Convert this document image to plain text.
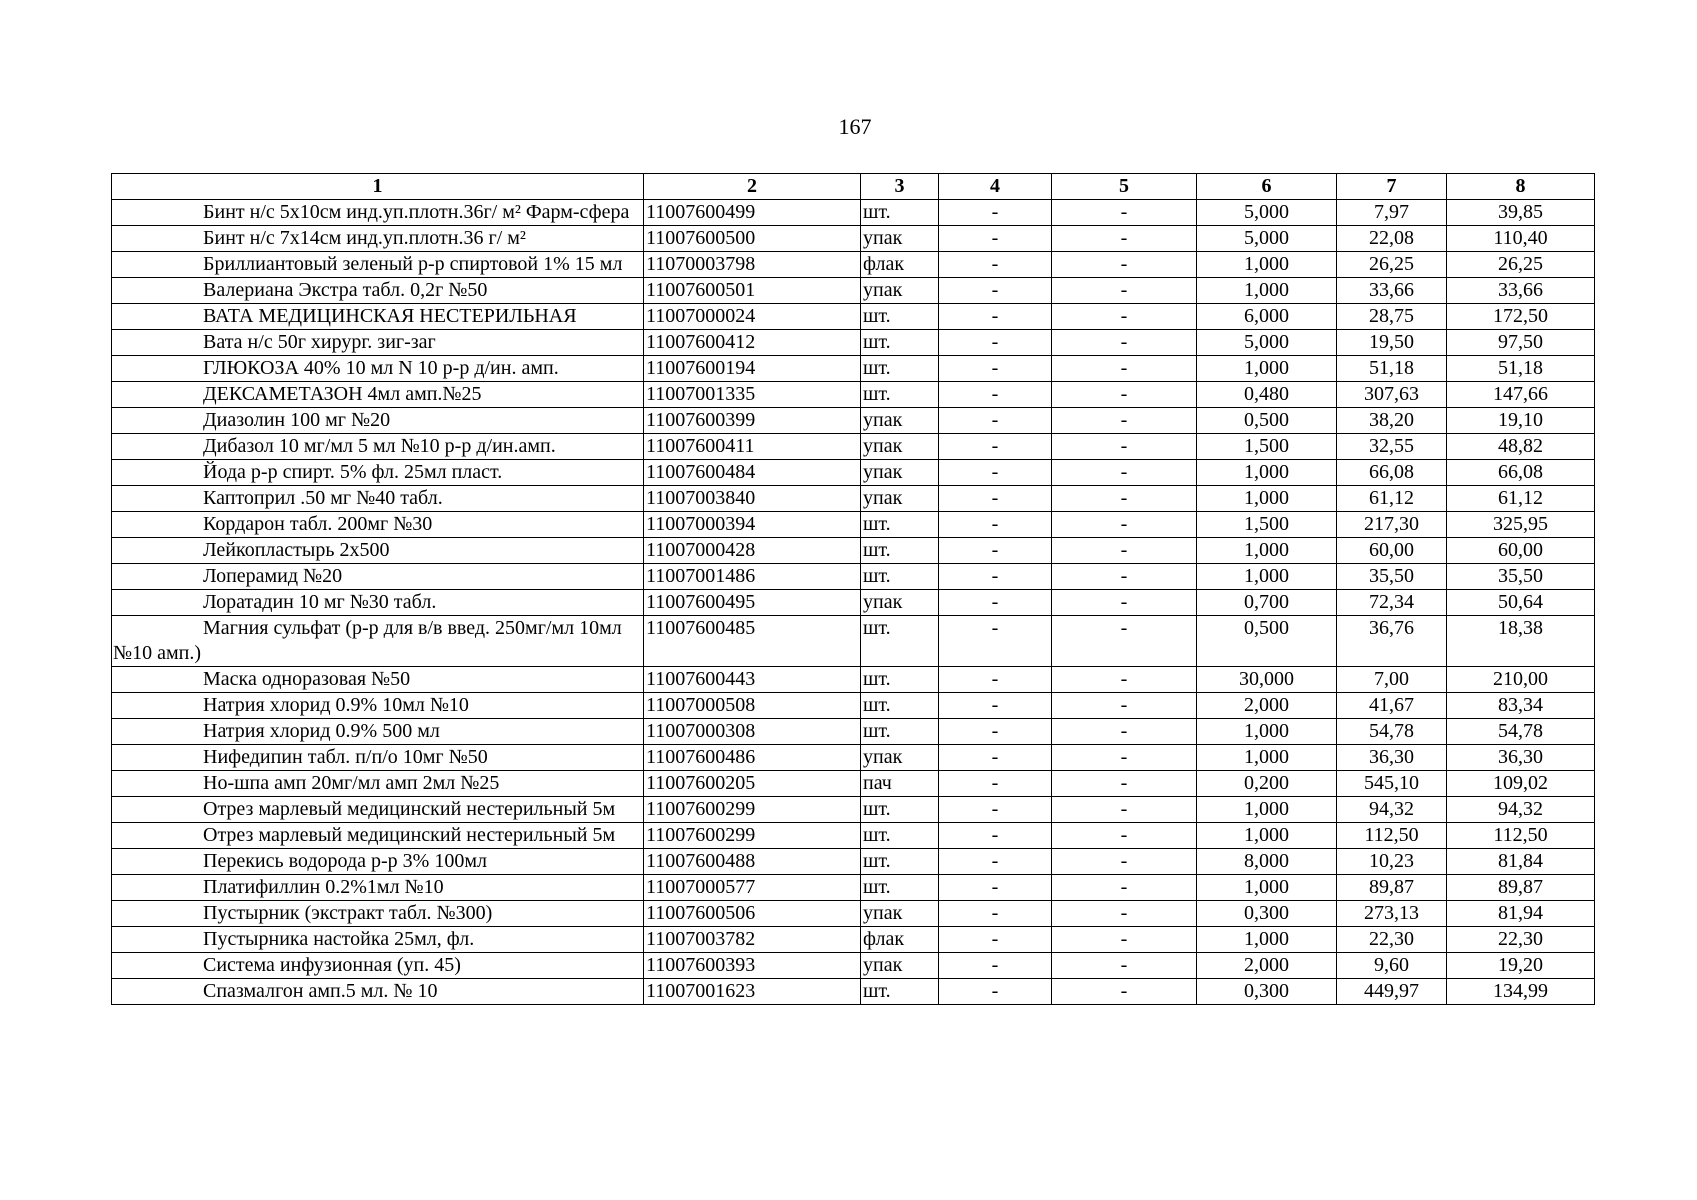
167
1	2	3	4	5	6	7	8
Бинт н/с 5х10см инд.уп.плотн.36г/ м² Фарм-сфера	11007600499	шт.	-	-	5,000	7,97	39,85
Бинт н/с 7х14см инд.уп.плотн.36 г/ м²	11007600500	упак	-	-	5,000	22,08	110,40
Бриллиантовый зеленый р-р спиртовой 1% 15 мл	11070003798	флак	-	-	1,000	26,25	26,25
Валериана Экстра табл. 0,2г №50	11007600501	упак	-	-	1,000	33,66	33,66
ВАТА МЕДИЦИНСКАЯ НЕСТЕРИЛЬНАЯ	11007000024	шт.	-	-	6,000	28,75	172,50
Вата н/с 50г хирург. зиг-заг	11007600412	шт.	-	-	5,000	19,50	97,50
ГЛЮКОЗА 40% 10 мл N 10 р-р д/ин. амп.	11007600194	шт.	-	-	1,000	51,18	51,18
ДЕКСАМЕТАЗОН 4мл амп.№25	11007001335	шт.	-	-	0,480	307,63	147,66
Диазолин 100 мг №20	11007600399	упак	-	-	0,500	38,20	19,10
Дибазол 10 мг/мл 5 мл №10 р-р д/ин.амп.	11007600411	упак	-	-	1,500	32,55	48,82
Йода р-р спирт. 5% фл. 25мл пласт.	11007600484	упак	-	-	1,000	66,08	66,08
Каптоприл .50 мг №40 табл.	11007003840	упак	-	-	1,000	61,12	61,12
Кордарон табл. 200мг №30	11007000394	шт.	-	-	1,500	217,30	325,95
Лейкопластырь 2х500	11007000428	шт.	-	-	1,000	60,00	60,00
Лоперамид №20	11007001486	шт.	-	-	1,000	35,50	35,50
Лоратадин 10 мг №30 табл.	11007600495	упак	-	-	0,700	72,34	50,64
Магния сульфат (р-р для в/в введ. 250мг/мл 10мл №10 амп.)	11007600485	шт.	-	-	0,500	36,76	18,38
Маска одноразовая №50	11007600443	шт.	-	-	30,000	7,00	210,00
Натрия хлорид 0.9% 10мл №10	11007000508	шт.	-	-	2,000	41,67	83,34
Натрия хлорид 0.9% 500 мл	11007000308	шт.	-	-	1,000	54,78	54,78
Нифедипин табл. п/п/о 10мг №50	11007600486	упак	-	-	1,000	36,30	36,30
Но-шпа амп 20мг/мл амп 2мл №25	11007600205	пач	-	-	0,200	545,10	109,02
Отрез марлевый медицинский нестерильный 5м	11007600299	шт.	-	-	1,000	94,32	94,32
Отрез марлевый медицинский нестерильный 5м	11007600299	шт.	-	-	1,000	112,50	112,50
Перекись водорода р-р 3% 100мл	11007600488	шт.	-	-	8,000	10,23	81,84
Платифиллин 0.2%1мл №10	11007000577	шт.	-	-	1,000	89,87	89,87
Пустырник (экстракт табл. №300)	11007600506	упак	-	-	0,300	273,13	81,94
Пустырника настойка 25мл, фл.	11007003782	флак	-	-	1,000	22,30	22,30
Система инфузионная (уп. 45)	11007600393	упак	-	-	2,000	9,60	19,20
Спазмалгон амп.5 мл. № 10	11007001623	шт.	-	-	0,300	449,97	134,99
